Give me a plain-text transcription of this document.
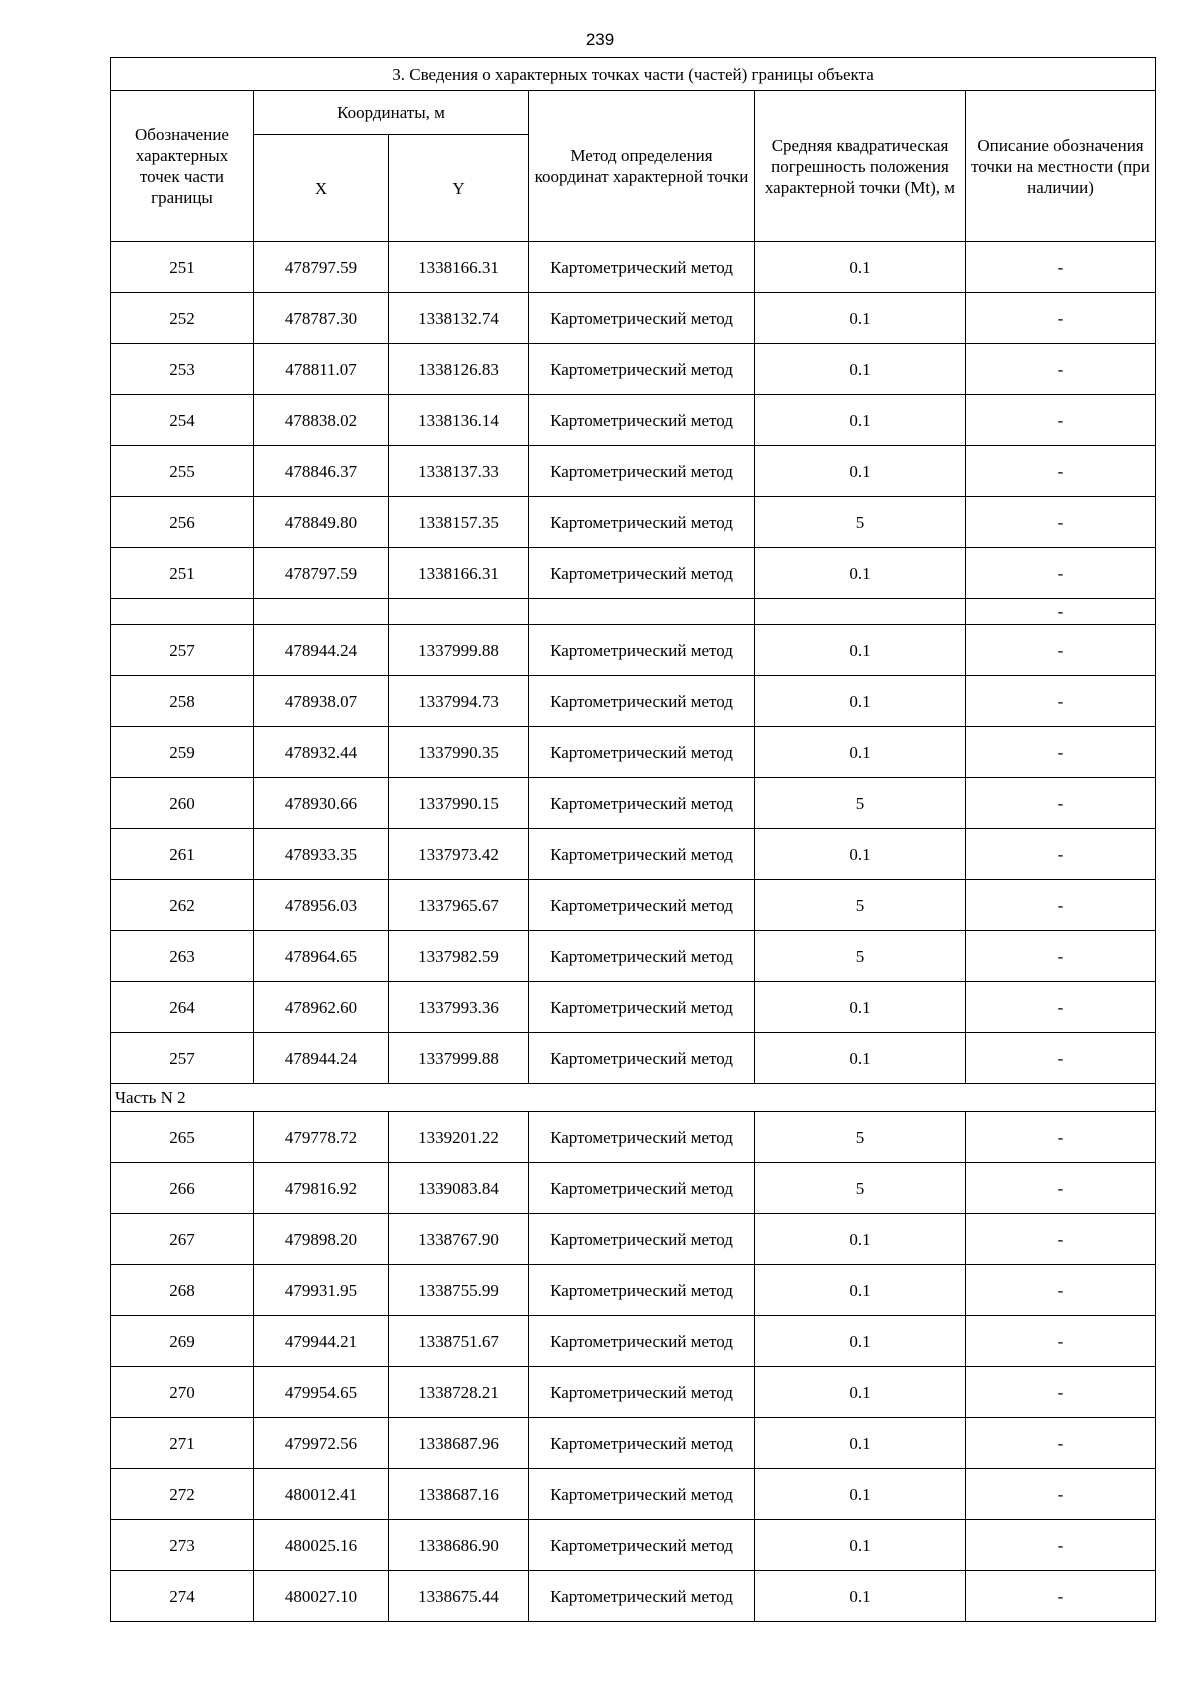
239
3. Сведения о характерных точках части (частей) границы объекта					
Обозначение характерных точек части границы	Координаты, м		Метод определения координат характерной точки	Средняя квадратическая погрешность положения характерной точки (Mt), м	Описание обозначения точки на местности (при наличии)
	X	Y			
251	478797.59	1338166.31	Картометрический метод	0.1	-
252	478787.30	1338132.74	Картометрический метод	0.1	-
253	478811.07	1338126.83	Картометрический метод	0.1	-
254	478838.02	1338136.14	Картометрический метод	0.1	-
255	478846.37	1338137.33	Картометрический метод	0.1	-
256	478849.80	1338157.35	Картометрический метод	5	-
251	478797.59	1338166.31	Картометрический метод	0.1	-
					-
257	478944.24	1337999.88	Картометрический метод	0.1	-
258	478938.07	1337994.73	Картометрический метод	0.1	-
259	478932.44	1337990.35	Картометрический метод	0.1	-
260	478930.66	1337990.15	Картометрический метод	5	-
261	478933.35	1337973.42	Картометрический метод	0.1	-
262	478956.03	1337965.67	Картометрический метод	5	-
263	478964.65	1337982.59	Картометрический метод	5	-
264	478962.60	1337993.36	Картометрический метод	0.1	-
257	478944.24	1337999.88	Картометрический метод	0.1	-
Часть N 2					
265	479778.72	1339201.22	Картометрический метод	5	-
266	479816.92	1339083.84	Картометрический метод	5	-
267	479898.20	1338767.90	Картометрический метод	0.1	-
268	479931.95	1338755.99	Картометрический метод	0.1	-
269	479944.21	1338751.67	Картометрический метод	0.1	-
270	479954.65	1338728.21	Картометрический метод	0.1	-
271	479972.56	1338687.96	Картометрический метод	0.1	-
272	480012.41	1338687.16	Картометрический метод	0.1	-
273	480025.16	1338686.90	Картометрический метод	0.1	-
274	480027.10	1338675.44	Картометрический метод	0.1	-
